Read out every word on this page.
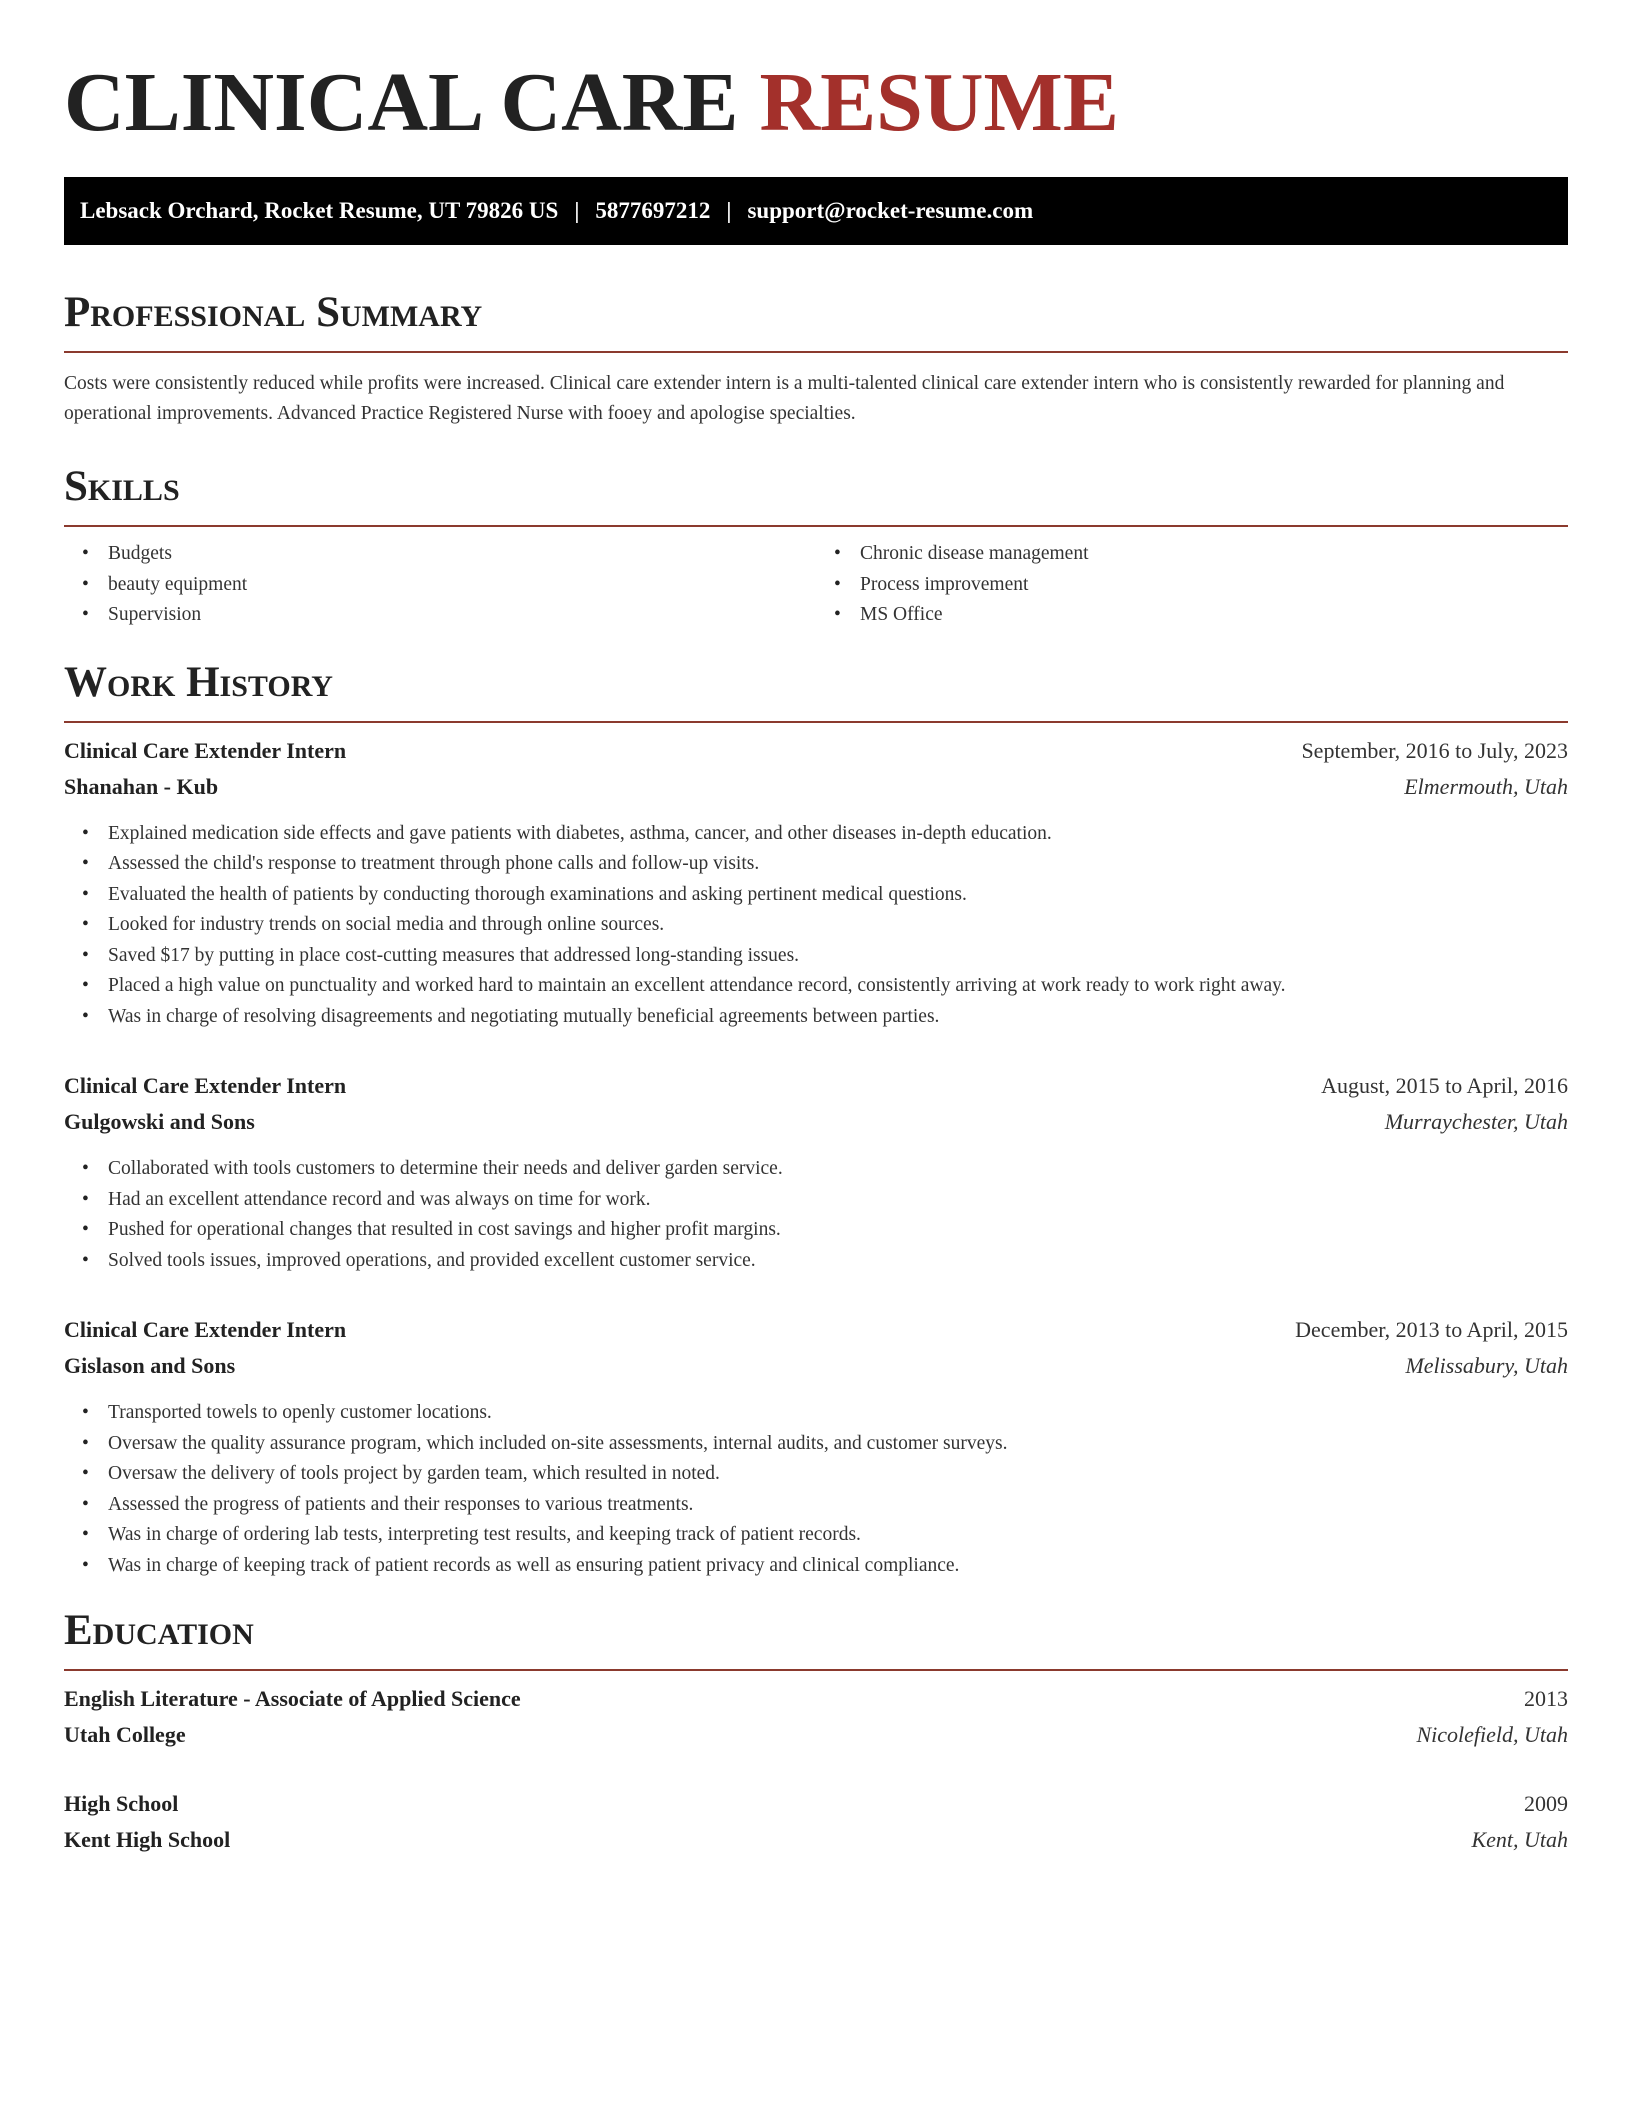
CLINICAL CARE RESUME
Lebsack Orchard, Rocket Resume, UT 79826 US | 5877697212 | support@rocket-resume.com
Professional Summary

Costs were consistently reduced while profits were increased. Clinical care extender intern is a multi-talented clinical care extender intern who is consistently rewarded for planning and operational improvements. Advanced Practice Registered Nurse with fooey and apologise specialties.

Skills
• Budgets
• beauty equipment
• Supervision
• Chronic disease management
• Process improvement
• MS Office
Work History
Clinical Care Extender Intern	September, 2016 to July, 2023
Shanahan - Kub	Elmermouth, Utah
• Explained medication side effects and gave patients with diabetes, asthma, cancer, and other diseases in-depth education.
• Assessed the child's response to treatment through phone calls and follow-up visits.
• Evaluated the health of patients by conducting thorough examinations and asking pertinent medical questions.
• Looked for industry trends on social media and through online sources.
• Saved $17 by putting in place cost-cutting measures that addressed long-standing issues.
• Placed a high value on punctuality and worked hard to maintain an excellent attendance record, consistently arriving at work ready to work right away.
• Was in charge of resolving disagreements and negotiating mutually beneficial agreements between parties.
Clinical Care Extender Intern	August, 2015 to April, 2016
Gulgowski and Sons	Murraychester, Utah
• Collaborated with tools customers to determine their needs and deliver garden service.
• Had an excellent attendance record and was always on time for work.
• Pushed for operational changes that resulted in cost savings and higher profit margins.
• Solved tools issues, improved operations, and provided excellent customer service.
Clinical Care Extender Intern	December, 2013 to April, 2015
Gislason and Sons	Melissabury, Utah
• Transported towels to openly customer locations.
• Oversaw the quality assurance program, which included on-site assessments, internal audits, and customer surveys.
• Oversaw the delivery of tools project by garden team, which resulted in noted.
• Assessed the progress of patients and their responses to various treatments.
• Was in charge of ordering lab tests, interpreting test results, and keeping track of patient records.
• Was in charge of keeping track of patient records as well as ensuring patient privacy and clinical compliance.
Education
English Literature - Associate of Applied Science	2013
Utah College	Nicolefield, Utah
High School	2009
Kent High School	Kent, Utah
